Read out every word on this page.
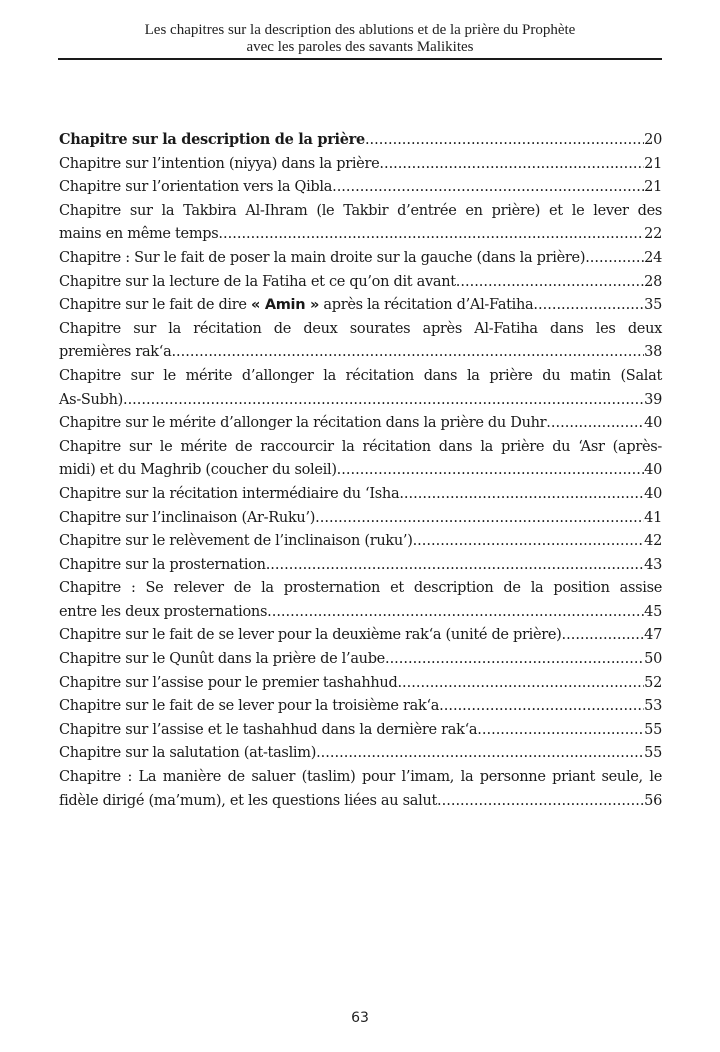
Les chapitres sur la description des ablutions et de la prière du Prophète
avec les paroles des savants Malikites
Chapitre sur la description de la prière .....	20
Chapitre sur l’intention (niyya) dans la prière .....	21
Chapitre sur l’orientation vers la Qibla .....	21
Chapitre sur la Takbira Al-Ihram (le Takbir d’entrée en prière) et le lever des
mains en même temps .....	22
Chapitre : Sur le fait de poser la main droite sur la gauche (dans la prière) .....	24
Chapitre sur la lecture de la Fatiha et ce qu’on dit avant .....	28
Chapitre sur le fait de dire « Amin » après la récitation d’Al-Fatiha .....	35
Chapitre sur la récitation de deux sourates après Al-Fatiha dans les deux
premières rak‘a .....	38
Chapitre sur le mérite d’allonger la récitation dans la prière du matin (Salat
As-Subh) .....	39
Chapitre sur le mérite d’allonger la récitation dans la prière du Duhr .....	40
Chapitre sur le mérite de raccourcir la récitation dans la prière du ‘Asr (après-
midi) et du Maghrib (coucher du soleil) .....	40
Chapitre sur la récitation intermédiaire du ‘Isha .....	40
Chapitre sur l’inclinaison (Ar-Ruku’) .....	41
Chapitre sur le relèvement de l’inclinaison (ruku’) .....	42
Chapitre sur la prosternation .....	43
Chapitre : Se relever de la prosternation et description de la position assise
entre les deux prosternations .....	45
Chapitre sur le fait de se lever pour la deuxième rak‘a (unité de prière) .....	47
Chapitre sur le Qunût dans la prière de l’aube .....	50
Chapitre sur l’assise pour le premier tashahhud .....	52
Chapitre sur le fait de se lever pour la troisième rak‘a .....	53
Chapitre sur l’assise et le tashahhud dans la dernière rak‘a .....	55
Chapitre sur la salutation (at-taslim) .....	55
Chapitre : La manière de saluer (taslim) pour l’imam, la personne priant seule, le
fidèle dirigé (ma’mum), et les questions liées au salut .....	56
63
